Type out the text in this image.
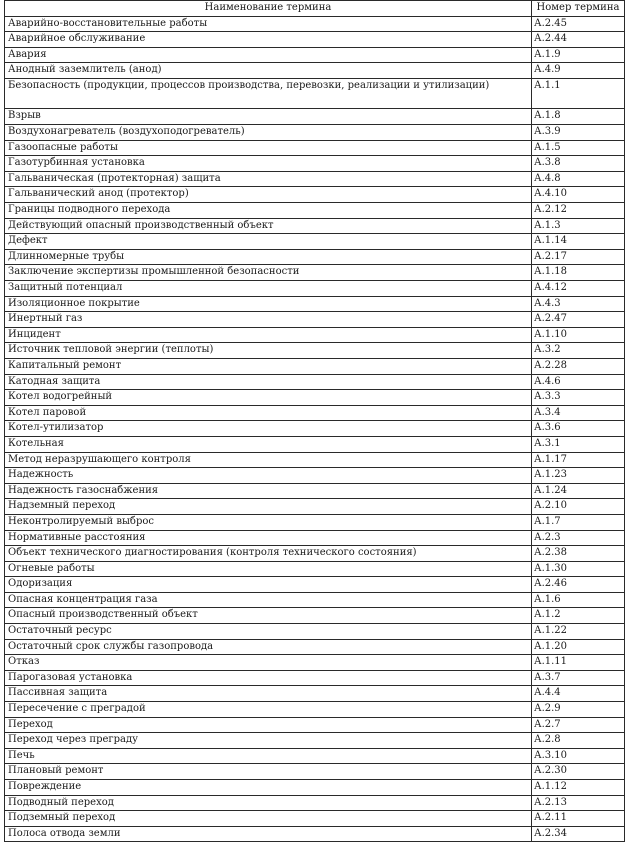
Наименование термина	Номер термина
Аварийно-восстановительные работы	А.2.45
Аварийное обслуживание	А.2.44
Авария	А.1.9
Анодный заземлитель (анод)	А.4.9
Безопасность (продукции, процессов производства, перевозки, реализации и утилизации)	А.1.1
Взрыв	А.1.8
Воздухонагреватель (воздухоподогреватель)	А.3.9
Газоопасные работы	А.1.5
Газотурбинная установка	А.3.8
Гальваническая (протекторная) защита	А.4.8
Гальванический анод (протектор)	А.4.10
Границы подводного перехода	А.2.12
Действующий опасный производственный объект	А.1.3
Дефект	А.1.14
Длинномерные трубы	А.2.17
Заключение экспертизы промышленной безопасности	А.1.18
Защитный потенциал	А.4.12
Изоляционное покрытие	А.4.3
Инертный газ	А.2.47
Инцидент	А.1.10
Источник тепловой энергии (теплоты)	А.3.2
Капитальный ремонт	А.2.28
Катодная защита	А.4.6
Котел водогрейный	А.3.3
Котел паровой	А.3.4
Котел-утилизатор	А.3.6
Котельная	А.3.1
Метод неразрушающего контроля	А.1.17
Надежность	А.1.23
Надежность газоснабжения	А.1.24
Надземный переход	А.2.10
Неконтролируемый выброс	А.1.7
Нормативные расстояния	А.2.3
Объект технического диагностирования (контроля технического состояния)	А.2.38
Огневые работы	А.1.30
Одоризация	А.2.46
Опасная концентрация газа	А.1.6
Опасный производственный объект	А.1.2
Остаточный ресурс	А.1.22
Остаточный срок службы газопровода	А.1.20
Отказ	А.1.11
Парогазовая установка	А.3.7
Пассивная защита	А.4.4
Пересечение с преградой	А.2.9
Переход	А.2.7
Переход через преграду	А.2.8
Печь	А.3.10
Плановый ремонт	А.2.30
Повреждение	А.1.12
Подводный переход	А.2.13
Подземный переход	А.2.11
Полоса отвода земли	А.2.34
